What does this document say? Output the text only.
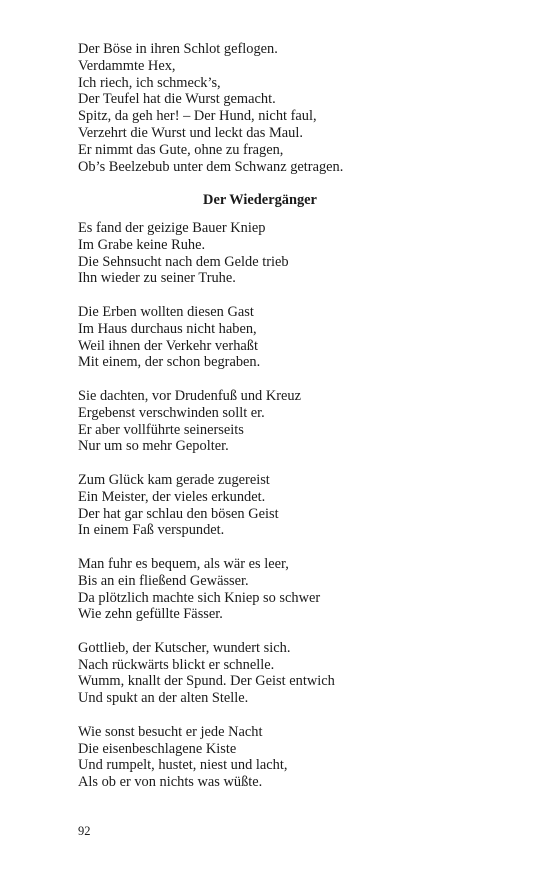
Der Böse in ihren Schlot geflogen.
Verdammte Hex,
Ich riech, ich schmeck’s,
Der Teufel hat die Wurst gemacht.
Spitz, da geh her! – Der Hund, nicht faul,
Verzehrt die Wurst und leckt das Maul.
Er nimmt das Gute, ohne zu fragen,
Ob’s Beelzebub unter dem Schwanz getragen.
Der Wiedergänger
Es fand der geizige Bauer Kniep
Im Grabe keine Ruhe.
Die Sehnsucht nach dem Gelde trieb
Ihn wieder zu seiner Truhe.
Die Erben wollten diesen Gast
Im Haus durchaus nicht haben,
Weil ihnen der Verkehr verhaßt
Mit einem, der schon begraben.
Sie dachten, vor Drudenfuß und Kreuz
Ergebenst verschwinden sollt er.
Er aber vollführte seinerseits
Nur um so mehr Gepolter.
Zum Glück kam gerade zugereist
Ein Meister, der vieles erkundet.
Der hat gar schlau den bösen Geist
In einem Faß verspundet.
Man fuhr es bequem, als wär es leer,
Bis an ein fließend Gewässer.
Da plötzlich machte sich Kniep so schwer
Wie zehn gefüllte Fässer.
Gottlieb, der Kutscher, wundert sich.
Nach rückwärts blickt er schnelle.
Wumm, knallt der Spund. Der Geist entwich
Und spukt an der alten Stelle.
Wie sonst besucht er jede Nacht
Die eisenbeschlagene Kiste
Und rumpelt, hustet, niest und lacht,
Als ob er von nichts was wüßte.
92
